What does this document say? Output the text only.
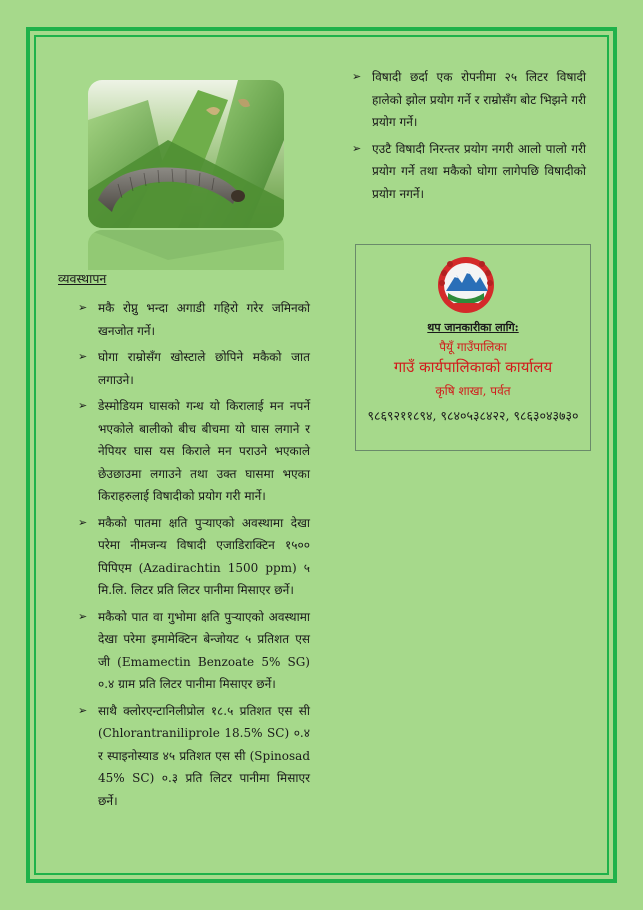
व्यवस्थापन
➢ मकै रोप्नु भन्दा अगाडी गहिरो गरेर जमिनको खनजोत गर्ने।
➢ घोगा राम्रोसँग खोस्टाले छोपिने मकैको जात लगाउने।
➢ डेस्मोडियम घासको गन्ध यो किरालाई मन नपर्ने भएकोले बालीको बीच बीचमा यो घास लगाने र नेपियर घास यस किराले मन पराउने भएकाले छेउछाउमा लगाउने तथा उक्त घासमा भएका किराहरुलाई विषादीको प्रयोग गरी मार्ने।
➢ मकैको पातमा क्षति पुऱ्याएको अवस्थामा देखा परेमा नीमजन्य विषादी एजाडिराक्टिन १५०० पिपिएम (Azadirachtin 1500 ppm) ५ मि.लि. लिटर प्रति लिटर पानीमा मिसाएर छर्ने।
➢ मकैको पात वा गुभोमा क्षति पुऱ्याएको अवस्थामा देखा परेमा इमामेक्टिन बेन्जोयट ५ प्रतिशत एस जी (Emamectin Benzoate 5% SG) ०.४ ग्राम प्रति लिटर पानीमा मिसाएर छर्ने।
➢ साथै क्लोरएन्टानिलीप्रोल १८.५ प्रतिशत एस सी (Chlorantraniliprole 18.5% SC) ०.४ र स्पाइनोस्याड ४५ प्रतिशत एस सी (Spinosad 45% SC) ०.३ प्रति लिटर पानीमा मिसाएर छर्ने।
➢ विषादी छर्दा एक रोपनीमा २५ लिटर विषादी हालेको झोल प्रयोग गर्ने र राम्रोसँग बोट भिझने गरी प्रयोग गर्ने।
➢ एउटै विषादी निरन्तर प्रयोग नगरी आलो पालो गरी प्रयोग गर्ने तथा मकैको घोगा लागेपछि विषादीको प्रयोग नगर्ने।
थप जानकारीका लागि:
पैयूँ गाउँपालिका
गाउँ कार्यपालिकाको कार्यालय
कृषि शाखा, पर्वत
९८६९२११८९४, ९८४०५३८४२२, ९८६३०४३७३०
